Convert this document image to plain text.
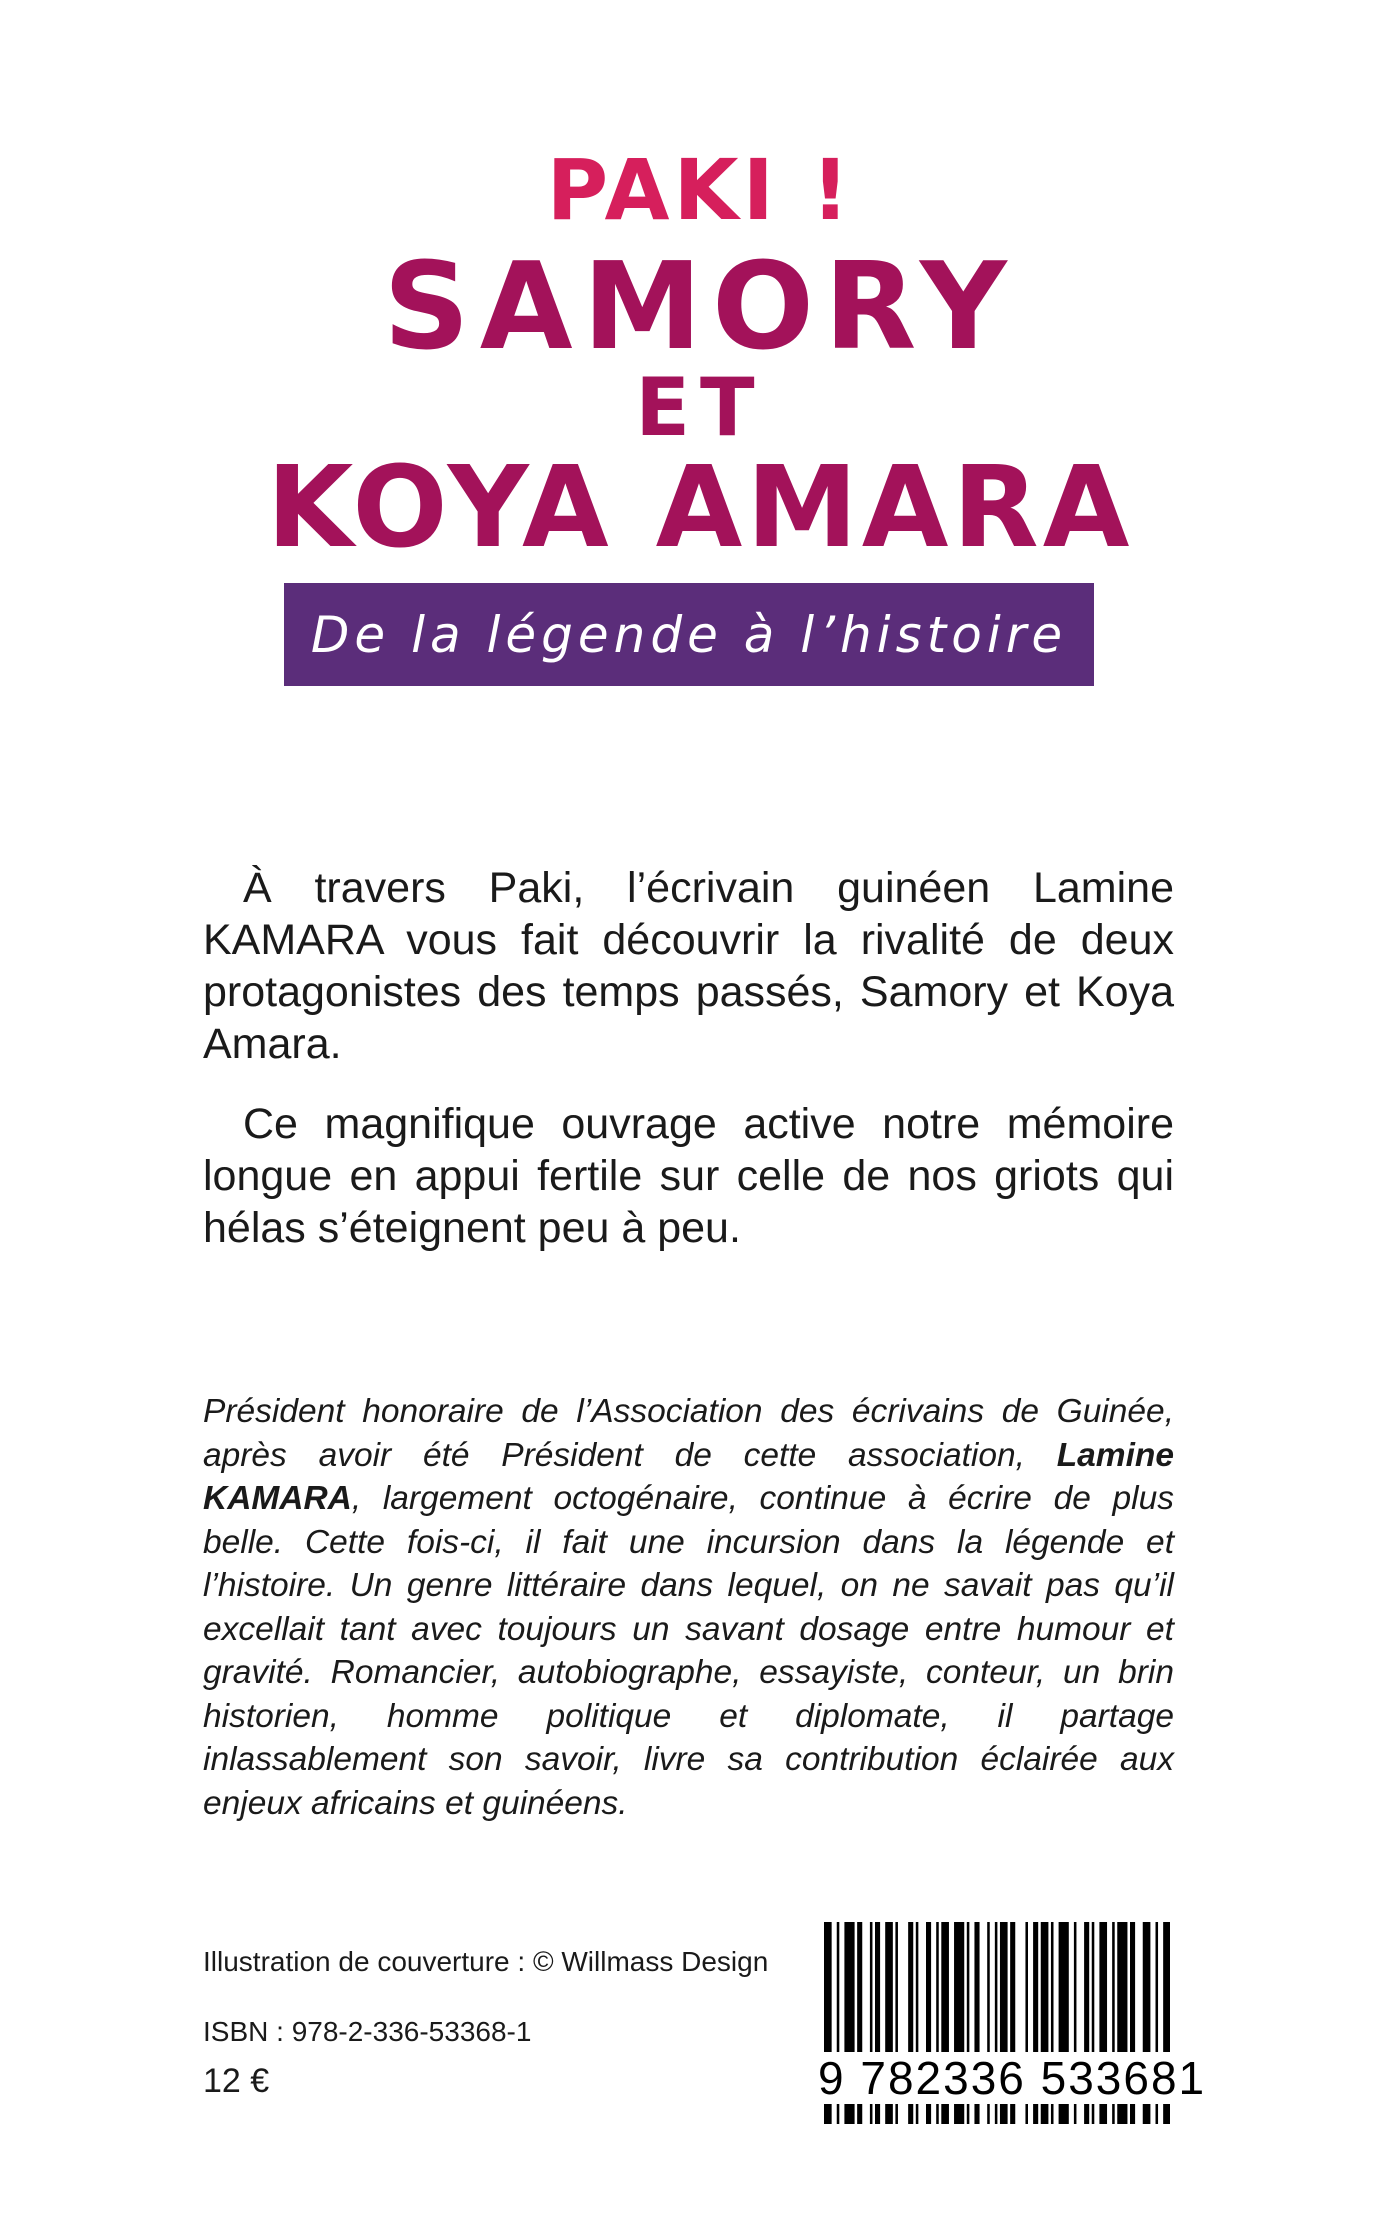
PAKI !
SAMORY
ET
KOYA AMARA
De la légende à l’histoire

À travers Paki, l’écrivain guinéen Lamine KAMARA vous fait découvrir la rivalité de deux protagonistes des temps passés, Samory et Koya Amara.

Ce magnifique ouvrage active notre mémoire longue en appui fertile sur celle de nos griots qui hélas s’éteignent peu à peu.

Président honoraire de l’Association des écrivains de Guinée, après avoir été Président de cette association, Lamine KAMARA, largement octogénaire, continue à écrire de plus belle. Cette fois-ci, il fait une incursion dans la légende et l’histoire. Un genre littéraire dans lequel, on ne savait pas qu’il excellait tant avec toujours un savant dosage entre humour et gravité. Romancier, autobiographe, essayiste, conteur, un brin historien, homme politique et diplomate, il partage inlassablement son savoir, livre sa contribution éclairée aux enjeux africains et guinéens.

Illustration de couverture : © Willmass Design
ISBN : 978-2-336-53368-1
12 €	9 782336 533681
